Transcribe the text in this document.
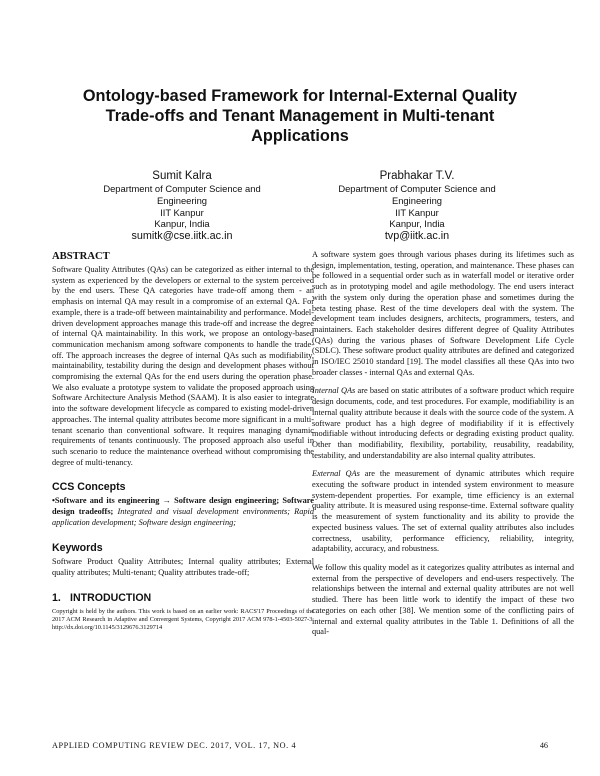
Ontology-based Framework for Internal-External Quality
Trade-offs and Tenant Management in Multi-tenant
Applications
Sumit Kalra
Department of Computer Science and
Engineering
IIT Kanpur
Kanpur, India
sumitk@cse.iitk.ac.in
Prabhakar T.V.
Department of Computer Science and
Engineering
IIT Kanpur
Kanpur, India
tvp@iitk.ac.in
ABSTRACT

Software Quality Attributes (QAs) can be categorized as either internal to the system as experienced by the developers or external to the system perceived by the end users. These QA categories have trade-off among them - an emphasis on internal QA may result in a compromise of an external QA. For example, there is a trade-off between maintainability and performance. Model-driven development approaches manage this trade-off and increase the degree of internal QA maintainability. In this work, we propose an ontology-based communication mechanism among software components to handle the trade-off. The approach increases the degree of internal QAs such as modifiability, maintainability, testability during the design and development phases without compromising the external QAs for the end users during the operation phase. We also evaluate a prototype system to validate the proposed approach using Software Architecture Analysis Method (SAAM). It is also easier to integrate into the software development lifecycle as compared to existing model-driven approaches. The internal quality attributes become more significant in a multi-tenant scenario than conventional software. It requires managing dynamic requirements of tenants continuously. The proposed approach also useful in such scenario to reduce the maintenance overhead without compromising the degree of multi-tenancy.

CCS Concepts

•Software and its engineering → Software design engineering; Software design tradeoffs; Integrated and visual development environments; Rapid application development; Software design engineering;

Keywords

Software Product Quality Attributes; Internal quality attributes; External quality attributes; Multi-tenant; Quality attributes trade-off;

1. INTRODUCTION
Copyright is held by the authors. This work is based on an earlier work: RACS'17 Proceedings of the 2017 ACM Research in Adaptive and Convergent Systems, Copyright 2017 ACM 978-1-4503-5027-3. http://dx.doi.org/10.1145/3129676.3129714

A software system goes through various phases during its lifetimes such as design, implementation, testing, operation, and maintenance. These phases can be followed in a sequential order such as in waterfall model or iterative order such as in prototyping model and agile methodology. The end users interact with the system only during the operation phase and sometimes during the beta testing phase. Rest of the time developers deal with the system. The development team includes designers, architects, programmers, testers, and maintainers. Each stakeholder desires different degree of Quality Attributes (QAs) during the various phases of Software Development Life Cycle (SDLC). These software product quality attributes are defined and categorized in ISO/IEC 25010 standard [19]. The model classifies all these QAs into two broader classes - internal QAs and external QAs.

Internal QAs are based on static attributes of a software product which require design documents, code, and test procedures. For example, modifiability is an internal quality attribute because it deals with the source code of the system. A software product has a high degree of modifiability if it is effectively modifiable without introducing defects or degrading existing product quality. Other than modifiability, flexibility, portability, reusability, readability, testability, and understandability are also internal quality attributes.

External QAs are the measurement of dynamic attributes which require executing the software product in intended system environment to measure system-dependent properties. For example, time efficiency is an external quality attribute. It is measured using response-time. External software quality is the measurement of system functionality and its ability to provide the expected business values. The set of external quality attributes also includes correctness, usability, performance efficiency, reliability, integrity, adaptability, accuracy, and robustness.

We follow this quality model as it categorizes quality attributes as internal and external from the perspective of developers and end-users respectively. The relationships between the internal and external quality attributes are not well studied. There has been little work to identify the impact of these two categories on each other [38]. We mention some of the conflicting pairs of internal and external quality attributes in the Table 1. Definitions of all the qual-

APPLIED COMPUTING REVIEW DEC. 2017, VOL. 17, NO. 4	46
